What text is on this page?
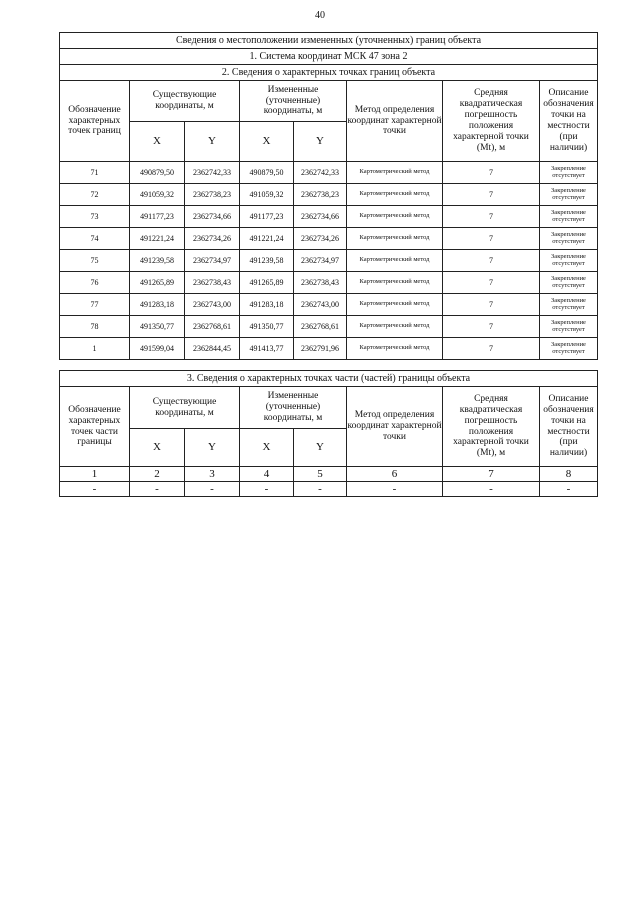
40
Сведения о местоположении измененных (уточненных) границ объекта							
1. Система координат МСК 47 зона 2							
2. Сведения о характерных точках границ объекта							
Обозначение характерных точек границ	Существующие координаты, м		Измененные (уточненные) координаты, м		Метод определения координат характерной точки	Средняя квадратическая погрешность положения характерной точки (Mt), м	Описание обозначения точки на местности (при наличии)
	X	Y	X	Y			
71	490879,50	2362742,33	490879,50	2362742,33	Картометрический метод	7	Закрепление отсутствует
72	491059,32	2362738,23	491059,32	2362738,23	Картометрический метод	7	Закрепление отсутствует
73	491177,23	2362734,66	491177,23	2362734,66	Картометрический метод	7	Закрепление отсутствует
74	491221,24	2362734,26	491221,24	2362734,26	Картометрический метод	7	Закрепление отсутствует
75	491239,58	2362734,97	491239,58	2362734,97	Картометрический метод	7	Закрепление отсутствует
76	491265,89	2362738,43	491265,89	2362738,43	Картометрический метод	7	Закрепление отсутствует
77	491283,18	2362743,00	491283,18	2362743,00	Картометрический метод	7	Закрепление отсутствует
78	491350,77	2362768,61	491350,77	2362768,61	Картометрический метод	7	Закрепление отсутствует
1	491599,04	2362844,45	491413,77	2362791,96	Картометрический метод	7	Закрепление отсутствует
3. Сведения о характерных точках части (частей) границы объекта							
Обозначение характерных точек части границы	Существующие координаты, м		Измененные (уточненные) координаты, м		Метод определения координат характерной точки	Средняя квадратическая погрешность положения характерной точки (Mt), м	Описание обозначения точки на местности (при наличии)
	X	Y	X	Y			
1	2	3	4	5	6	7	8
-	-	-	-	-	-	-	-
